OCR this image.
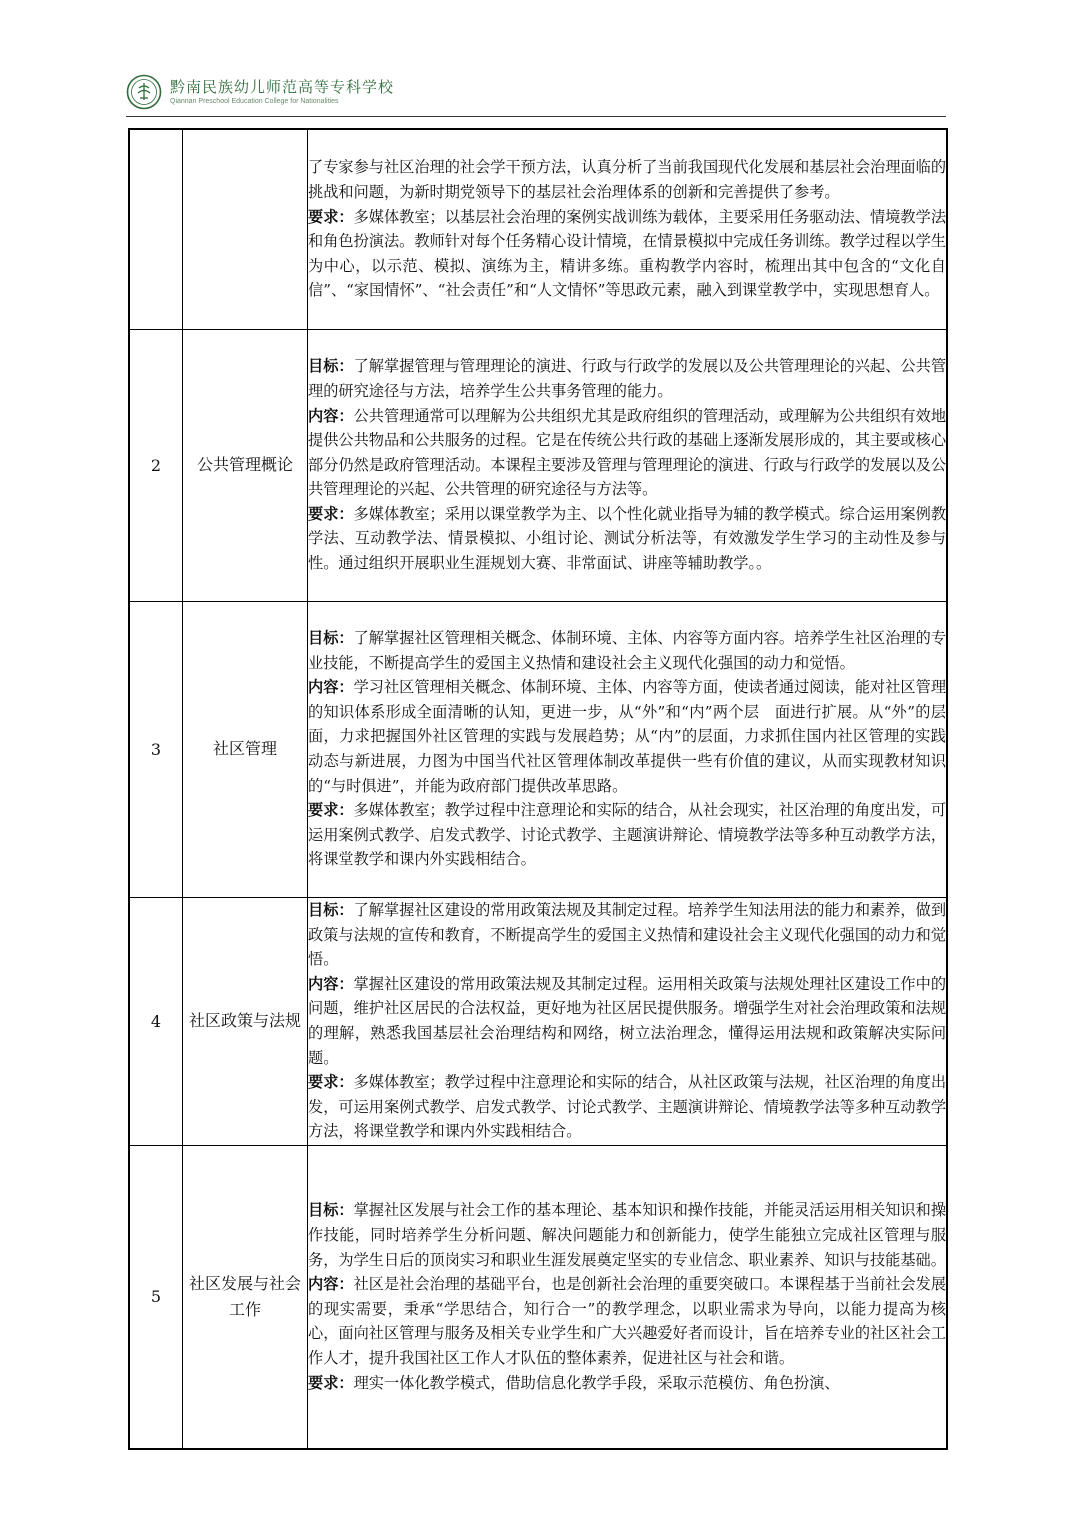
黔南民族幼儿师范高等专科学校
Qiannan Preschool Education College for Nationalities

		了专家参与社区治理的社会学干预方法，认真分析了当前我国现代化发展和基层社会治理面临的挑战和问题，为新时期党领导下的基层社会治理体系的创新和完善提供了参考。
要求：多媒体教室；以基层社会治理的案例实战训练为载体，主要采用任务驱动法、情境教学法和角色扮演法。教师针对每个任务精心设计情境，在情景模拟中完成任务训练。教学过程以学生为中心，以示范、模拟、演练为主，精讲多练。重构教学内容时，梳理出其中包含的“文化自信”、“家国情怀”、“社会责任”和“人文情怀”等思政元素，融入到课堂教学中，实现思想育人。

2	公共管理概论	目标：了解掌握管理与管理理论的演进、行政与行政学的发展以及公共管理理论的兴起、公共管理的研究途径与方法，培养学生公共事务管理的能力。
内容：公共管理通常可以理解为公共组织尤其是政府组织的管理活动，或理解为公共组织有效地提供公共物品和公共服务的过程。它是在传统公共行政的基础上逐渐发展形成的，其主要或核心部分仍然是政府管理活动。本课程主要涉及管理与管理理论的演进、行政与行政学的发展以及公共管理理论的兴起、公共管理的研究途径与方法等。
要求：多媒体教室；采用以课堂教学为主、以个性化就业指导为辅的教学模式。综合运用案例教学法、互动教学法、情景模拟、小组讨论、测试分析法等，有效激发学生学习的主动性及参与性。通过组织开展职业生涯规划大赛、非常面试、讲座等辅助教学。。

3	社区管理	目标：了解掌握社区管理相关概念、体制环境、主体、内容等方面内容。培养学生社区治理的专业技能，不断提高学生的爱国主义热情和建设社会主义现代化强国的动力和觉悟。
内容：学习社区管理相关概念、体制环境、主体、内容等方面，使读者通过阅读，能对社区管理的知识体系形成全面清晰的认知，更进一步，从“外”和“内”两个层　面进行扩展。从“外”的层面，力求把握国外社区管理的实践与发展趋势；从“内”的层面，力求抓住国内社区管理的实践动态与新进展，力图为中国当代社区管理体制改革提供一些有价值的建议，从而实现教材知识的“与时俱进”，并能为政府部门提供改革思路。
要求：多媒体教室；教学过程中注意理论和实际的结合，从社会现实，社区治理的角度出发，可运用案例式教学、启发式教学、讨论式教学、主题演讲辩论、情境教学法等多种互动教学方法，将课堂教学和课内外实践相结合。

4	社区政策与法规	目标：了解掌握社区建设的常用政策法规及其制定过程。培养学生知法用法的能力和素养，做到政策与法规的宣传和教育，不断提高学生的爱国主义热情和建设社会主义现代化强国的动力和觉悟。
内容：掌握社区建设的常用政策法规及其制定过程。运用相关政策与法规处理社区建设工作中的问题，维护社区居民的合法权益，更好地为社区居民提供服务。增强学生对社会治理政策和法规的理解，熟悉我国基层社会治理结构和网络，树立法治理念，懂得运用法规和政策解决实际问题。
要求：多媒体教室；教学过程中注意理论和实际的结合，从社区政策与法规，社区治理的角度出发，可运用案例式教学、启发式教学、讨论式教学、主题演讲辩论、情境教学法等多种互动教学方法，将课堂教学和课内外实践相结合。

5	社区发展与社会工作	目标：掌握社区发展与社会工作的基本理论、基本知识和操作技能，并能灵活运用相关知识和操作技能，同时培养学生分析问题、解决问题能力和创新能力，使学生能独立完成社区管理与服务，为学生日后的顶岗实习和职业生涯发展奠定坚实的专业信念、职业素养、知识与技能基础。
内容：社区是社会治理的基础平台，也是创新社会治理的重要突破口。本课程基于当前社会发展的现实需要，秉承“学思结合，知行合一”的教学理念，以职业需求为导向，以能力提高为核心，面向社区管理与服务及相关专业学生和广大兴趣爱好者而设计，旨在培养专业的社区社会工作人才，提升我国社区工作人才队伍的整体素养，促进社区与社会和谐。
要求：理实一体化教学模式，借助信息化教学手段，采取示范模仿、角色扮演、
